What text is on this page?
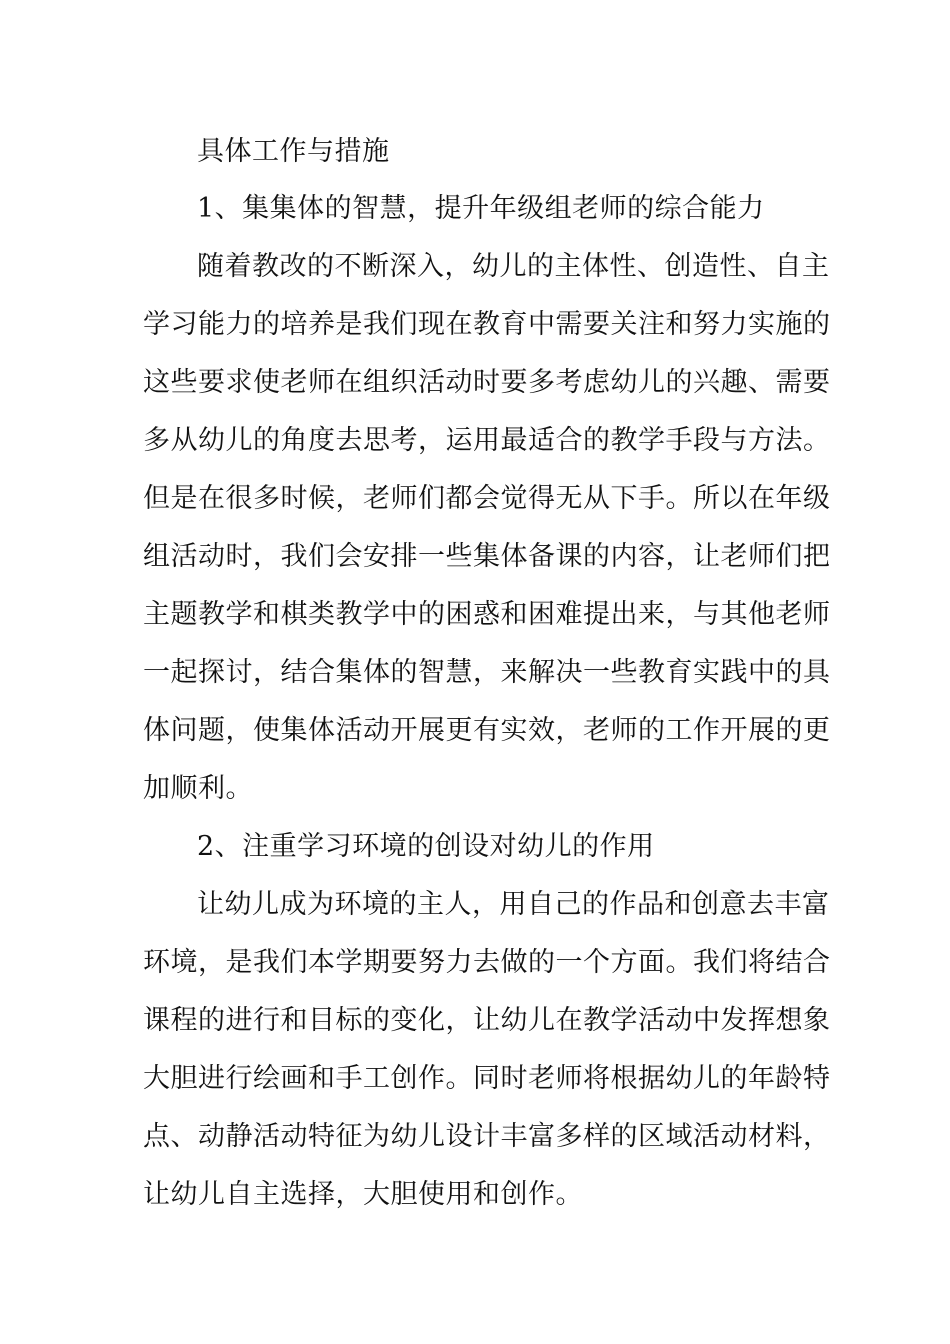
具体工作与措施
1、集集体的智慧，提升年级组老师的综合能力
随着教改的不断深入，幼儿的主体性、创造性、自主
学习能力的培养是我们现在教育中需要关注和努力实施的
这些要求使老师在组织活动时要多考虑幼儿的兴趣、需要
多从幼儿的角度去思考，运用最适合的教学手段与方法。
但是在很多时候，老师们都会觉得无从下手。所以在年级
组活动时，我们会安排一些集体备课的内容，让老师们把
主题教学和棋类教学中的困惑和困难提出来，与其他老师
一起探讨，结合集体的智慧，来解决一些教育实践中的具
体问题，使集体活动开展更有实效，老师的工作开展的更
加顺利。
2、注重学习环境的创设对幼儿的作用
让幼儿成为环境的主人，用自己的作品和创意去丰富
环境，是我们本学期要努力去做的一个方面。我们将结合
课程的进行和目标的变化，让幼儿在教学活动中发挥想象
大胆进行绘画和手工创作。同时老师将根据幼儿的年龄特
点、动静活动特征为幼儿设计丰富多样的区域活动材料，
让幼儿自主选择，大胆使用和创作。
